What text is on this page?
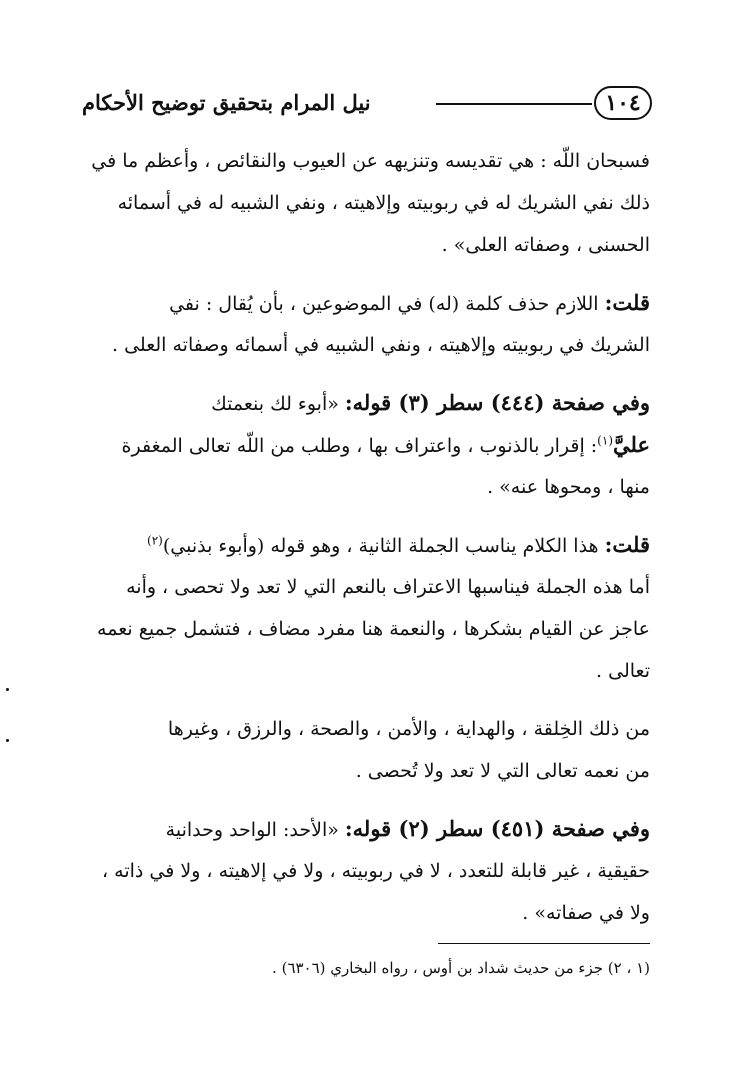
١٠٤
نيل المرام بتحقيق توضيح الأحكام
فسبحان اللّه : هي تقديسه وتنزيهه عن العيوب والنقائص ، وأعظم ما في
ذلك نفي الشريك له في ربوبيته وإلاهيته ، ونفي الشبيه له في أسمائه
الحسنى ، وصفاته العلى» .
قلت: اللازم حذف كلمة (له) في الموضوعين ، بأن يُقال : نفي
الشريك في ربوبيته وإلاهيته ، ونفي الشبيه في أسمائه وصفاته العلى .
وفي صفحة (٤٤٤) سطر (٣) قوله: «أبوء لك بنعمتك
عليَّ$^{(١)}$: إقرار بالذنوب ، واعتراف بها ، وطلب من اللّه تعالى المغفرة
منها ، ومحوها عنه» .
قلت: هذا الكلام يناسب الجملة الثانية ، وهو قوله (وأبوء بذنبي)$^{(٢)}$
أما هذه الجملة فيناسبها الاعتراف بالنعم التي لا تعد ولا تحصى ، وأنه
عاجز عن القيام بشكرها ، والنعمة هنا مفرد مضاف ، فتشمل جميع نعمه
تعالى .
من ذلك الخِلقة ، والهداية ، والأمن ، والصحة ، والرزق ، وغيرها
من نعمه تعالى التي لا تعد ولا تُحصى .
وفي صفحة (٤٥١) سطر (٢) قوله: «الأحد: الواحد وحدانية
حقيقية ، غير قابلة للتعدد ، لا في ربوبيته ، ولا في إلاهيته ، ولا في ذاته ،
ولا في صفاته» .
(١ ، ٢) جزء من حديث شداد بن أوس ، رواه البخاري (٦٣٠٦) .
